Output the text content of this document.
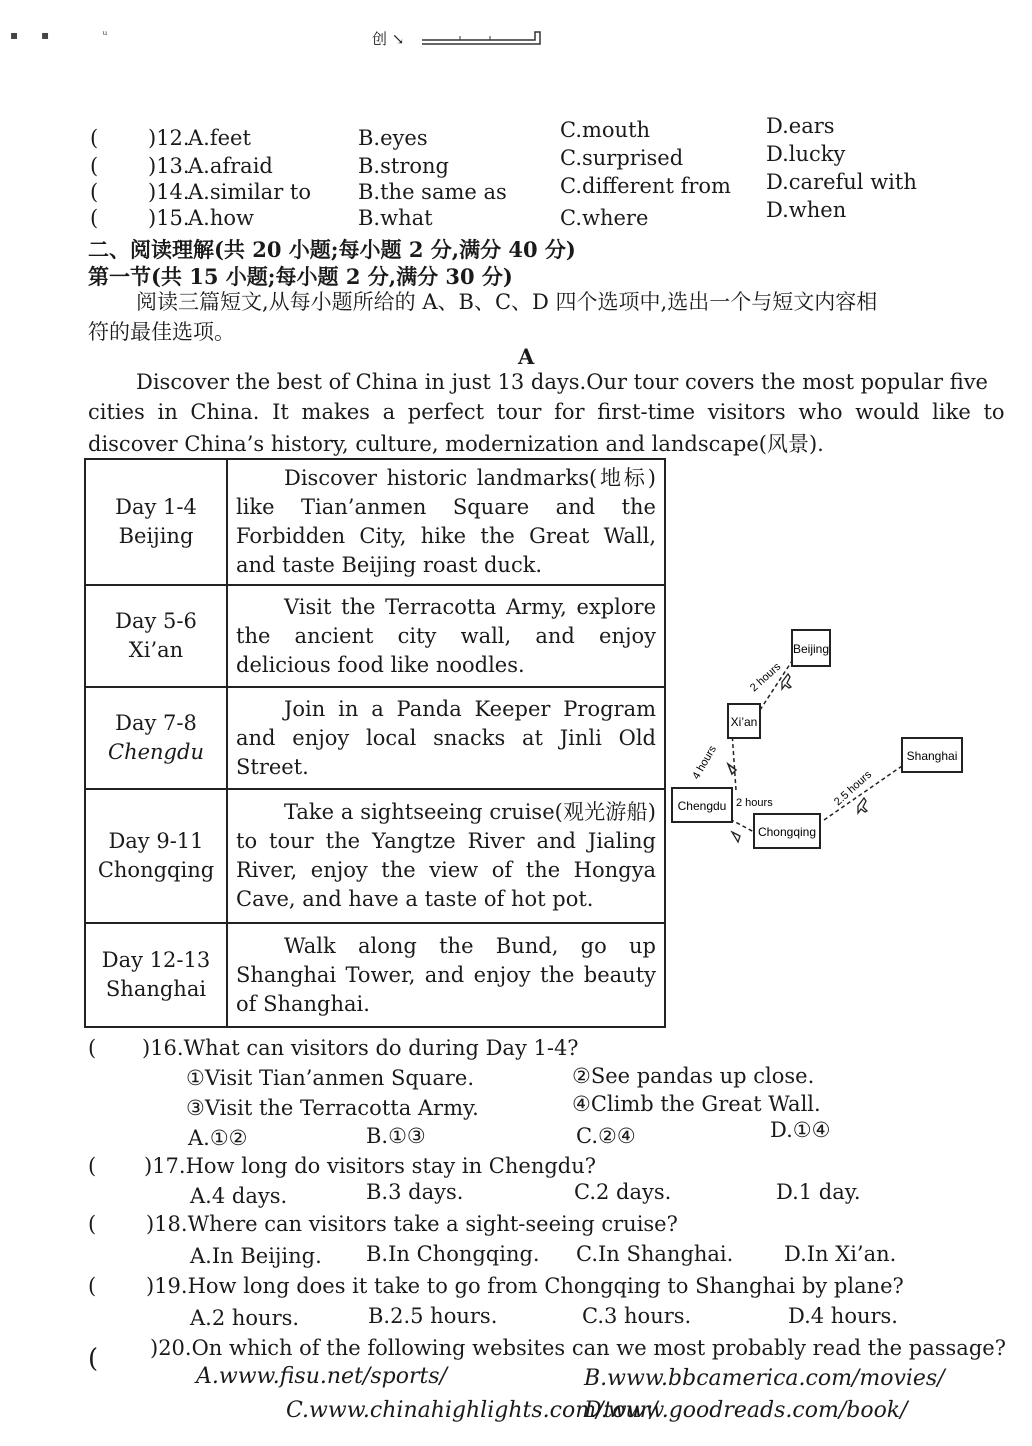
▪      ▪              ᵘ	创 ↘
( )12.
A.feet	B.eyes	C.mouth	D.ears
( )13.
A.afraid	B.strong	C.surprised	D.lucky
( )14.
A.similar to B.the same as	C.different from D.careful with
( )15.
A.how	B.what	C.where	D.when
二、阅读理解(共 20 小题;每小题 2 分,满分 40 分)
第一节(共 15 小题;每小题 2 分,满分 30 分)
阅读三篇短文,从每小题所给的 A、B、C、D 四个选项中,选出一个与短文内容相
符的最佳选项。
A
Discover the best of China in just 13 days.Our tour covers the most popular five
cities in China. It makes a perfect tour for first-time visitors who would like to
discover China’s history, culture, modernization and landscape(风景).
Day 1-4
Beijing	Discover historic landmarks(地标) like Tian’anmen Square and the Forbidden City, hike the Great Wall, and taste Beijing roast duck.

Day 5-6
Xi’an	Visit the Terracotta Army, explore the ancient city wall, and enjoy delicious food like noodles.

Day 7-8
Chengdu	Join in a Panda Keeper Program and enjoy local snacks at Jinli Old Street.

Day 9-11
Chongqing	Take a sightseeing cruise(观光游船) to tour the Yangtze River and Jialing River, enjoy the view of the Hongya Cave, and have a taste of hot pot.

Day 12-13
Shanghai	Walk along the Bund, go up Shanghai Tower, and enjoy the beauty of Shanghai.
Beijing
Xi’an
Chengdu
Chongqing
Shanghai
2 hours
4 hours
2 hours	2.5 hours
( )16.What can visitors do during Day 1-4?
①Visit Tian’anmen Square.	②See pandas up close.
③Visit the Terracotta Army.	④Climb the Great Wall.
A.①②	B.①③	C.②④	D.①④
( )17.How long do visitors stay in Chengdu?
A.4 days.	B.3 days.	C.2 days.	D.1 day.
( )18.Where can visitors take a sight-seeing cruise?
A.In Beijing. B.In Chongqing. C.In Shanghai. D.In Xi’an.
( )19.How long does it take to go from Chongqing to Shanghai by plane?
A.2 hours.	B.2.5 hours.	C.3 hours.	D.4 hours.
( )20.On which of the following websites can we most probably read the passage?
A.www.fisu.net/sports/	B.www.bbcamerica.com/movies/
C.www.chinahighlights.com/tour/
D.www.goodreads.com/book/
